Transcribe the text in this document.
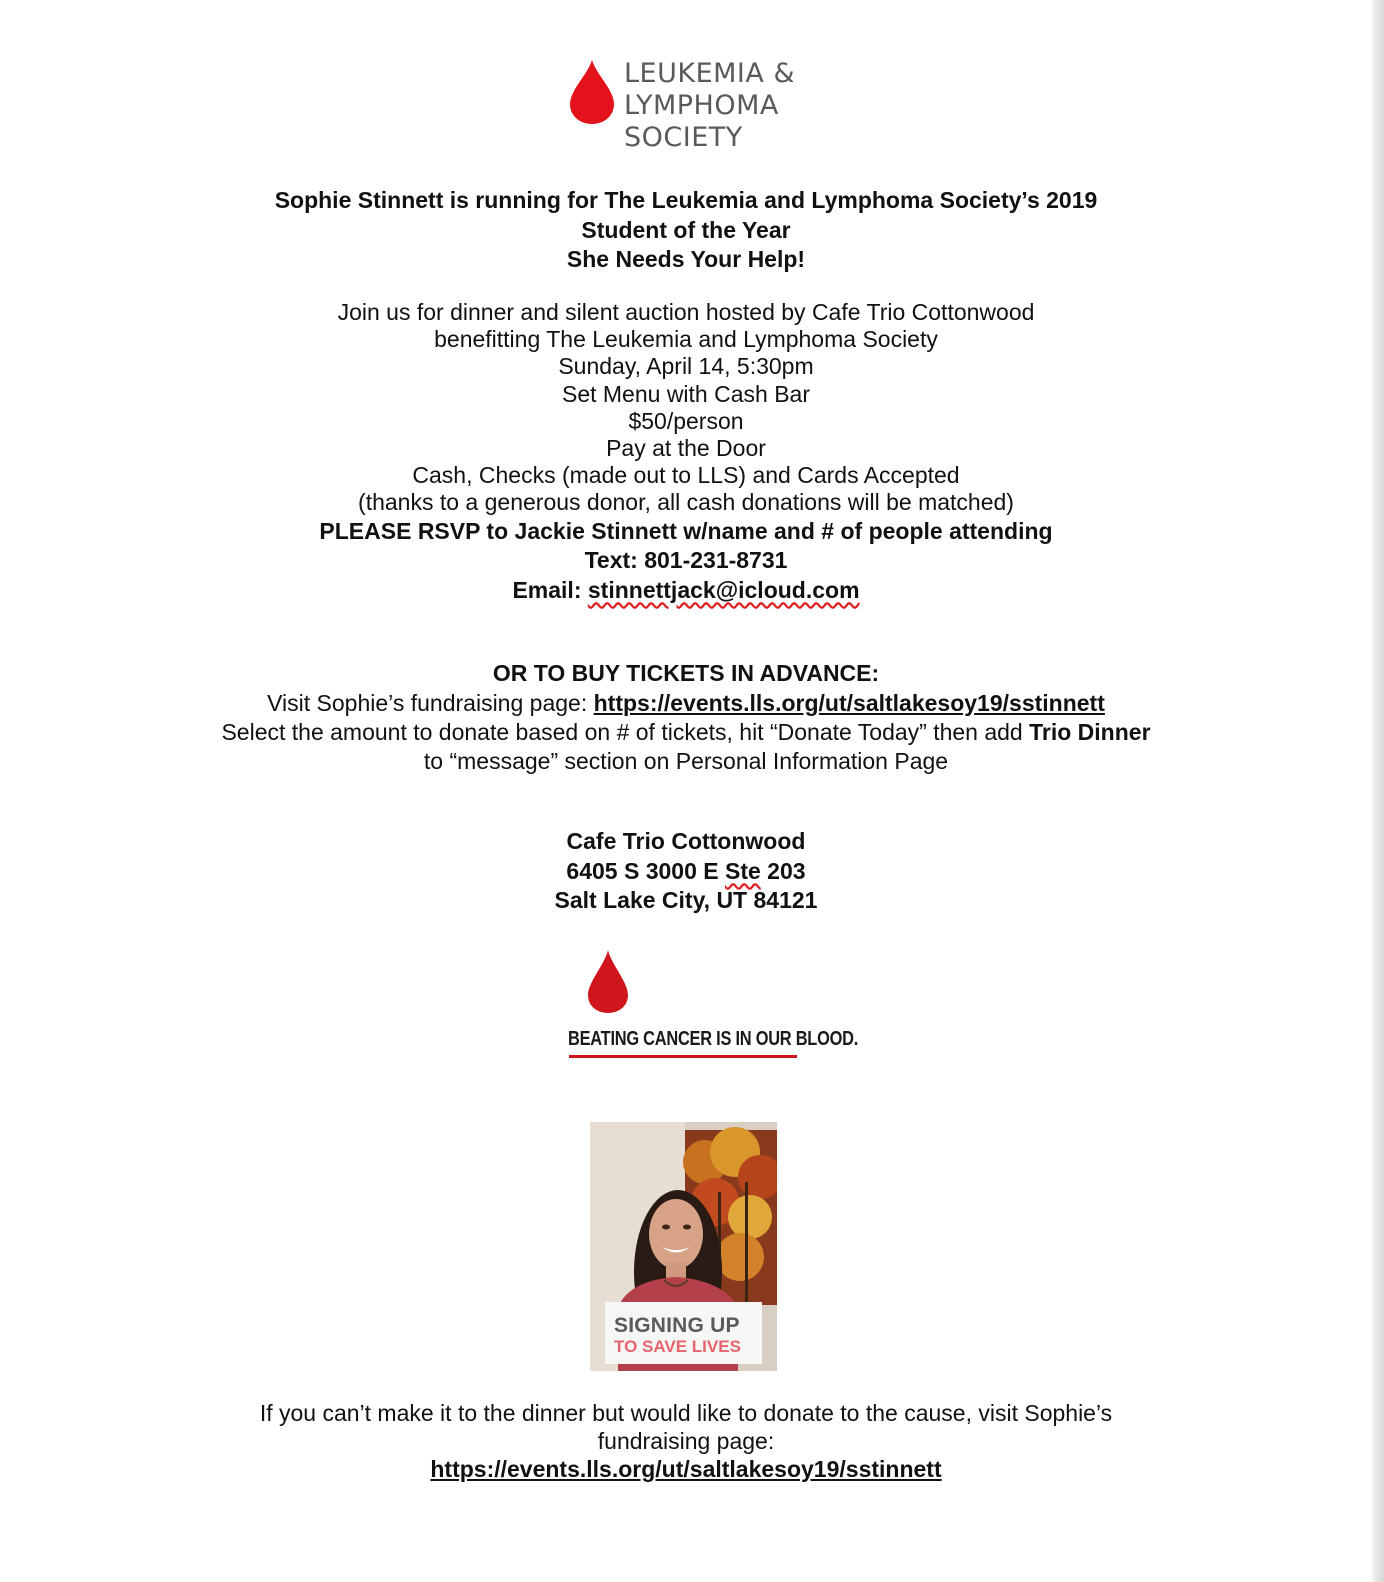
LEUKEMIA &
LYMPHOMA
SOCIETY
Sophie Stinnett is running for The Leukemia and Lymphoma Society’s 2019
Student of the Year
She Needs Your Help!
Join us for dinner and silent auction hosted by Cafe Trio Cottonwood
benefitting The Leukemia and Lymphoma Society
Sunday, April 14, 5:30pm
Set Menu with Cash Bar
$50/person
Pay at the Door
Cash, Checks (made out to LLS) and Cards Accepted
(thanks to a generous donor, all cash donations will be matched)
PLEASE RSVP to Jackie Stinnett w/name and # of people attending
Text: 801-231-8731
Email: stinnettjack@icloud.com
OR TO BUY TICKETS IN ADVANCE:
Visit Sophie’s fundraising page: https://events.lls.org/ut/saltlakesoy19/sstinnett
Select the amount to donate based on # of tickets, hit “Donate Today” then add Trio Dinner
to “message” section on Personal Information Page
Cafe Trio Cottonwood
6405 S 3000 E Ste 203
Salt Lake City, UT 84121
BEATING CANCER IS IN OUR BLOOD.
SIGNING UP
TO SAVE LIVES
If you can’t make it to the dinner but would like to donate to the cause, visit Sophie’s
fundraising page:
https://events.lls.org/ut/saltlakesoy19/sstinnett
